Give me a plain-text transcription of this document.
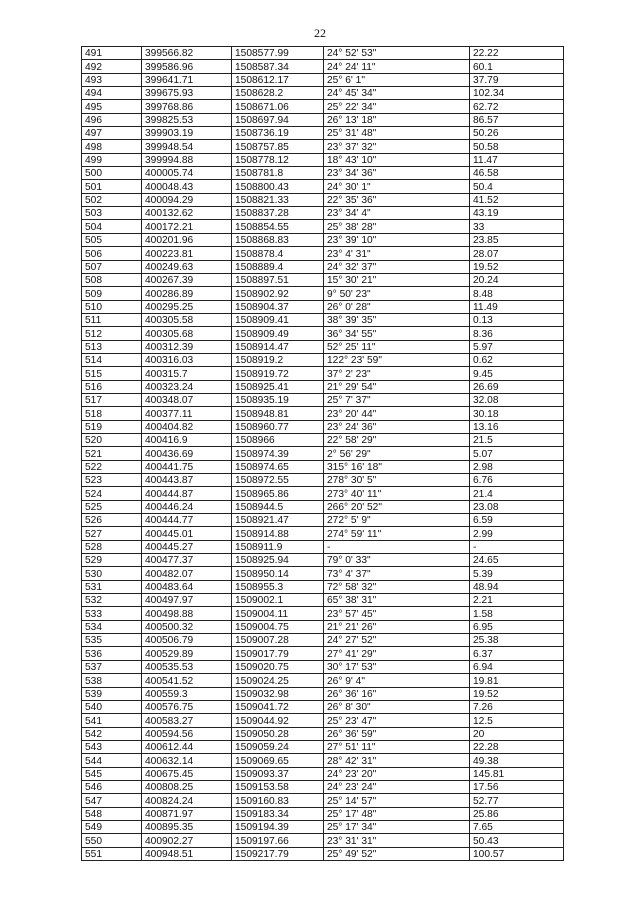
22
491	399566.82	1508577.99	24° 52' 53"	22.22
492	399586.96	1508587.34	24° 24' 11"	60.1
493	399641.71	1508612.17	25° 6' 1"	37.79
494	399675.93	1508628.2	24° 45' 34"	102.34
495	399768.86	1508671.06	25° 22' 34"	62.72
496	399825.53	1508697.94	26° 13' 18"	86.57
497	399903.19	1508736.19	25° 31' 48"	50.26
498	399948.54	1508757.85	23° 37' 32"	50.58
499	399994.88	1508778.12	18° 43' 10"	11.47
500	400005.74	1508781.8	23° 34' 36"	46.58
501	400048.43	1508800.43	24° 30' 1"	50.4
502	400094.29	1508821.33	22° 35' 36"	41.52
503	400132.62	1508837.28	23° 34' 4"	43.19
504	400172.21	1508854.55	25° 38' 28"	33
505	400201.96	1508868.83	23° 39' 10"	23.85
506	400223.81	1508878.4	23° 4' 31"	28.07
507	400249.63	1508889.4	24° 32' 37"	19.52
508	400267.39	1508897.51	15° 30' 21"	20.24
509	400286.89	1508902.92	9° 50' 23"	8.48
510	400295.25	1508904.37	26° 0' 28"	11.49
511	400305.58	1508909.41	38° 39' 35"	0.13
512	400305.68	1508909.49	36° 34' 55"	8.36
513	400312.39	1508914.47	52° 25' 11"	5.97
514	400316.03	1508919.2	122° 23' 59"	0.62
515	400315.7	1508919.72	37° 2' 23"	9.45
516	400323.24	1508925.41	21° 29' 54"	26.69
517	400348.07	1508935.19	25° 7' 37"	32.08
518	400377.11	1508948.81	23° 20' 44"	30.18
519	400404.82	1508960.77	23° 24' 36"	13.16
520	400416.9	1508966	22° 58' 29"	21.5
521	400436.69	1508974.39	2° 56' 29"	5.07
522	400441.75	1508974.65	315° 16' 18"	2.98
523	400443.87	1508972.55	278° 30' 5"	6.76
524	400444.87	1508965.86	273° 40' 11"	21.4
525	400446.24	1508944.5	266° 20' 52"	23.08
526	400444.77	1508921.47	272° 5' 9"	6.59
527	400445.01	1508914.88	274° 59' 11"	2.99
528	400445.27	1508911.9	-	-
529	400477.37	1508925.94	79° 0' 33"	24.65
530	400482.07	1508950.14	73° 4' 37"	5.39
531	400483.64	1508955.3	72° 58' 32"	48.94
532	400497.97	1509002.1	65° 38' 31"	2.21
533	400498.88	1509004.11	23° 57' 45"	1.58
534	400500.32	1509004.75	21° 21' 26"	6.95
535	400506.79	1509007.28	24° 27' 52"	25.38
536	400529.89	1509017.79	27° 41' 29"	6.37
537	400535.53	1509020.75	30° 17' 53"	6.94
538	400541.52	1509024.25	26° 9' 4"	19.81
539	400559.3	1509032.98	26° 36' 16"	19.52
540	400576.75	1509041.72	26° 8' 30"	7.26
541	400583.27	1509044.92	25° 23' 47"	12.5
542	400594.56	1509050.28	26° 36' 59"	20
543	400612.44	1509059.24	27° 51' 11"	22.28
544	400632.14	1509069.65	28° 42' 31"	49.38
545	400675.45	1509093.37	24° 23' 20"	145.81
546	400808.25	1509153.58	24° 23' 24"	17.56
547	400824.24	1509160.83	25° 14' 57"	52.77
548	400871.97	1509183.34	25° 17' 48"	25.86
549	400895.35	1509194.39	25° 17' 34"	7.65
550	400902.27	1509197.66	23° 31' 31"	50.43
551	400948.51	1509217.79	25° 49' 52"	100.57
